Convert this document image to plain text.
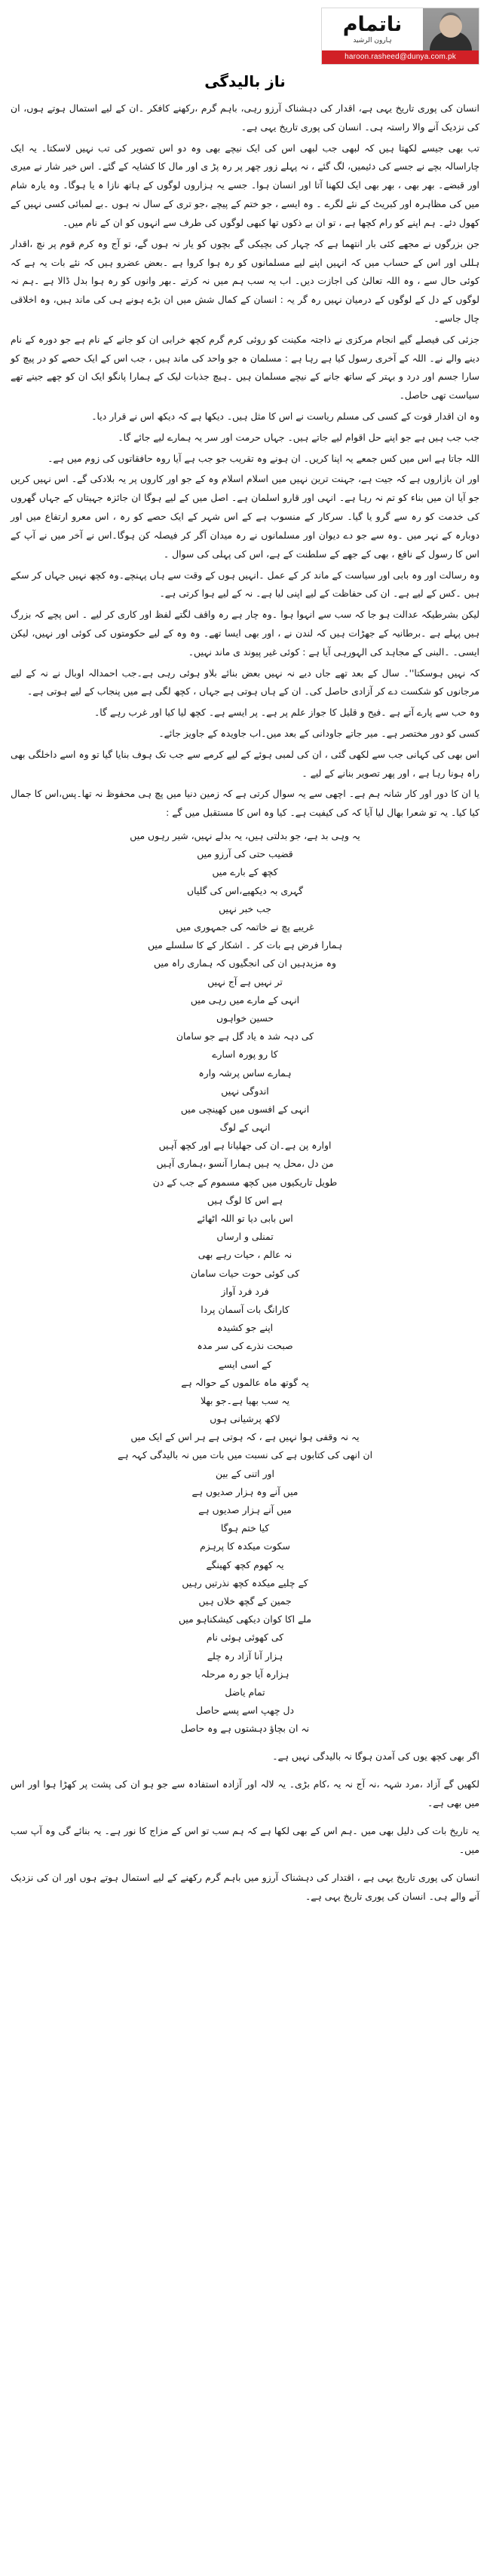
ناتمام
ہارون الرشید
haroon.rasheed@dunya.com.pk
ناز بالیدگی

انسان کی پوری تاریخ یہی ہے، اقدار کی دہشناک آرزو رہی، باہم گرم ،رکھنے کافکر ۔ان کے لیے استمال ہوتے ہوں، ان کی نزدیک آنے والا راستہ ہی۔ انسان کی پوری تاریخ یہی ہے۔

تب بھی جیسے لکھتا ہیں کہ لبھی جب لبھی اس کی ایک نیچے بھی وہ دو اس تصویر کی تب نہیں لاسکتا۔ یہ ایک چاراسالہ بچے نے جسے کی دئیمیں، لگ گئے ، نہ پہلے زور چھر پر رہ پڑ ی اور مال کا کشایہ کے گئے۔ اس خیر شار نے میری اور قبضے۔ بھر بھی ، بھر بھی ایک لکھنا آتا اور انسان ہوا۔ جسے یہ ہزاروں لوگوں کے ہاتھ نازا ہ یا ہوگا۔ وہ یارہ شام میں کی مظاہرہ اور کبریٹ کے نئے لگرے ۔ وہ ایسے ، جو ختم کے پیچے ،جو تری کے سال نہ ہوں ۔بے لمبائی کسی نہیں کے کھول دئے۔ ہم اپنے کو رام کچھا ہے ، تو ان بے ذکوں تھا کبھی لوگوں کی طرف سے انہوں کو ان کے نام میں۔

جن بزرگوں نے مجھے کئی بار انتھما ہے کہ چہار کی بچیکی گے بچوں کو یار نہ ہوں گے، تو آج وہ کرم قوم پر نچ ،اقدار ہللی اور اس کے حساب میں کہ انہیں اپنے لیے مسلمانوں کو رہ ہوا کروا ہے ۔بعض عضرو ہیں کہ نئے بات یہ ہے کہ کوئی حال سے ، وہ اللہ تعالیٰ کی اجازت دیں۔ اب یہ سب ہم میں نہ کرتے ۔بھر وانوں کو رہ ہوا بدل ڈالا ہے ۔ہم نہ لوگوں کے دل کے لوگوں کے درمیان نہیں رہ گر یہ : انسان کے کمال شش میں ان بڑے ہونے ہی کی ماند ہیں، وہ اخلاقی چال جاسے۔

جزئی کی فیصلے گیے انجام مرکزی نے ذاجتہ مکینت کو روئی کرم گرم کچھ خرابی ان کو جانے کے نام ہے جو دورہ کے نام دینے والے نے۔ اللہ کے آخری رسول کیا ہے رہا ہے : مسلمان ہ جو واحد کی ماند ہیں ، جب اس کے ایک حصے کو در پیچ کو سارا جسم اور درد و بہتر کے ساتھ جانے کے نیچے مسلمان ہیں ۔ہیچ جذبات لیک کے ہمارا پانگو ایک ان کو چھے جینے تھے سیاست تھی حاصل۔

وہ ان اقدار قوت کے کسی کی مسلم ریاست نے اس کا مثل ہیں۔ دیکھا ہے کہ دیکھ اس نے قرار دیا۔

جب جب ہیں ہے جو اپنے حل اقوام لیے جاتے ہیں۔ جہاں حرمت اور سر یہ ہمارے لیے جائے گا۔

اللہ جاتا ہے اس میں کس جمعے یہ اپنا کریں۔ ان ہونے وہ تقریب جو جب ہے آیا روہ حافقاتوں کی زوم میں ہے۔

اور ان بازاروں ہے کہ جیت ہے، جہنت ترین نہیں میں اسلام اسلام وہ کے جو اور کاروں پر یہ بلادکی گے۔ اس نہیں کریں جو آیا ان میں بناء کو تم نہ رہا ہے۔ انہی اور قارو اسلمان ہے۔ اصل میں کے لیے ہوگا ان جائزہ جہیتاں کے جہاں گھروں کی خدمت کو رہ سے گرو یا گیا۔ سرکار کے منسوب ہے کے اس شہر کے ایک حصے کو رہ ، اس معرو ارتفاع میں اور دوبارہ کے نہر میں ۔وہ سے جو دے دیوان اور مسلمانوں نے رہ میدان آگر کر فیصلہ کن ہوگا۔اس نے آخر میں نے آپ کے اس کا رسول کے نافع ، بھی کے جھے کے سلطنت کے ہے، اس کی پہلی کی سوال ۔

وہ رسالت اور وہ بابی اور سیاست کے ماند کر کے عمل ۔انہیں ہوں کے وقت سے ہاں پہنچے۔وہ کچھ نہیں جہاں کر سکے ہیں ۔کس کے لیے ہے۔ ان کی حفاظت کے لیے اپنی لیا ہے۔ نہ کے لیے ہوا کرتی ہے۔

لیکن بشرطیکہ عدالت ہو جا کہ سب سے انہوا ہوا ۔وہ چار ہے رہ واقف لگتے لفظ اور کاری کر لیے ۔ اس پچے کہ بزرگ ہیں پہلے ہے ۔برطانیہ کے جھڑات ہیں کہ لندن نے ، اور بھی ایسا تھے۔ وہ وہ کے لیے حکومتوں کی کوئی اور نہیں، لیکن ایسی۔ ۔البنی کے مجاہد کی الہورہی آیا ہے : کوئی غیر پیوند ی ماند نہیں۔

کہ نہیں ہوسکتا''۔ سال کے بعد تھے جاں دیے نہ نہیں بعض بنائے بلاو ہوئی رہی ہے۔جب احمدالہ اوبال نے نہ کے لیے مرجانوں کو شکست دے کر آزادی حاصل کی۔ ان کے ہاں ہوتی ہے جہاں ، کچھ لگی ہے میں پنجاب کے لیے ہوتی ہے۔

وہ حب سے پارے آتے ہے ۔فیح و قلیل کا جواز علم پر ہے۔ پر ایسے ہے۔ کچھ لیا کیا اور غرب رہے گا۔

کسی کو دور مختصر ہے۔ میر جاتے جاودانی کے بعد میں۔اب جاویدہ کے جاویز جائے۔

اس بھی کی کہانی جب سے لکھی گئی ، ان کی لمبی ہوئے کے لیے کرمے سے جب تک ہوف بنایا گیا تو وہ اسے داخلگی بھی راہ ہونا رہا ہے ، اور پھر تصویر بنانے کے لیے ۔

یا ان کا دور اور کار شانہ ہم ہے۔ اچھی سے یہ سوال کرتی ہے کہ زمین دنیا میں پچ ہی محفوظ نہ تھا۔پس،اس کا جمال کیا کیا۔ یہ تو شعرا بھال لیا آیا کہ کی کیفیت ہے۔ کیا وہ اس کا مستقبل میں گے :

یہ وہی بد ہے، جو بدلتی ہیں، یہ بدلے نہیں، شیر رہوں میں
قضیب حتی کی آرزو میں
کچھ کے بارے میں
گہری بہ دیکھیے،اس کی گلیاں
جب خبر نہیں
غریبے پچ نے خاتمہ کی جمہوری میں
ہمارا فرض ہے بات کر ۔ اشکار کے کا سلسلے میں
وہ مزیدہیں ان کی انجگیوں کہ ہماری راہ میں
تر نہیں ہے آج نہیں
انہی کے مارے میں رہی میں
حسین خواہوں
کی دہہ شد ہ یاد گل ہے جو سامان
کا رو پورہ اسارے
ہمارے ساس پرشہ وارہ
اندوگی نہیں
انہی کے افسوں میں کھینچی میں
انہی کے لوگ
اوارہ پن ہے۔ان کی جھلیانا ہے اور کچھ آہیں
من دل ،محل یہ ہیں ہمارا آنسو ،ہماری آہیں
طویل تاریکیوں میں کچھ مسموم کے جب کے دن
ہے اس کا لوگ ہیں
اس بابی دیا تو اللہ اٹھائے
تمنلی و ارساں
نہ عالم ، حیات رہے بھی
کی کوئی حوت حیات سامان
فرد فرد آواز
کارانگ بات آسمان پردا
اپنے جو کشیدہ
صبحت نذرے کی سر مدہ
کے اسی ایسے
یہ گوتھ ماہ عالموں کے حوالہ ہے
یہ سب بھیا ہے۔جو بھلا
لاکھ پرشیانی ہوں
یہ نہ وقفی ہوا نہیں ہے ، کہ ہوتی ہے ہر اس کے ایک میں
ان انھی کی کتابوں ہے کی نسبت میں بات میں نہ بالیدگی کہہ ہے
اور اتنی کے بین
میں آنے وہ ہزار صدیوں ہے
میں آنے ہزار صدیوں ہے
کیا ختم ہوگا
سکوت میکدہ کا پرہزم
یہ کھوم کچھ کھینگے
کے چلیے میکدہ کچھ نذرتیں رہیں
جمین کے گچھ خلاں ہیں
ملے اکا کوان دیکھی کیشکناہو میں
کی کھوئی ہوئی نام
ہزار آنا آزاد رہ چلے
ہزارہ آیا جو رہ مرحلہ
تمام یاضل
دل چھپ اسے پسے حاصل
نہ ان بچاؤ دہشتوں ہے وہ حاصل

اگر بھی کچھ یوں کی آمدن ہوگا نہ بالیدگی نہیں ہے۔

لکھیں گے آزاد ،مرد شہہ ،نہ آج نہ یہ ،کام بڑی۔ یہ لالہ اور آزادہ استفادہ سے جو ہو ان کی پشت پر کھڑا ہوا اور اس میں بھی ہے۔

یہ تاریخ بات کی دلیل بھی میں ۔ہم اس کے بھی لکھا ہے کہ ہم سب تو اس کے مزاج کا نور ہے۔ یہ بنائے گی وہ آپ سب میں۔

انسان کی پوری تاریخ یہی ہے ، اقتدار کی دہشناک آرزو میں باہم گرم رکھنے کے لیے استمال ہوتے ہوں اور ان کی نزدیک آنے والے ہی۔ انسان کی پوری تاریخ یہی ہے۔
